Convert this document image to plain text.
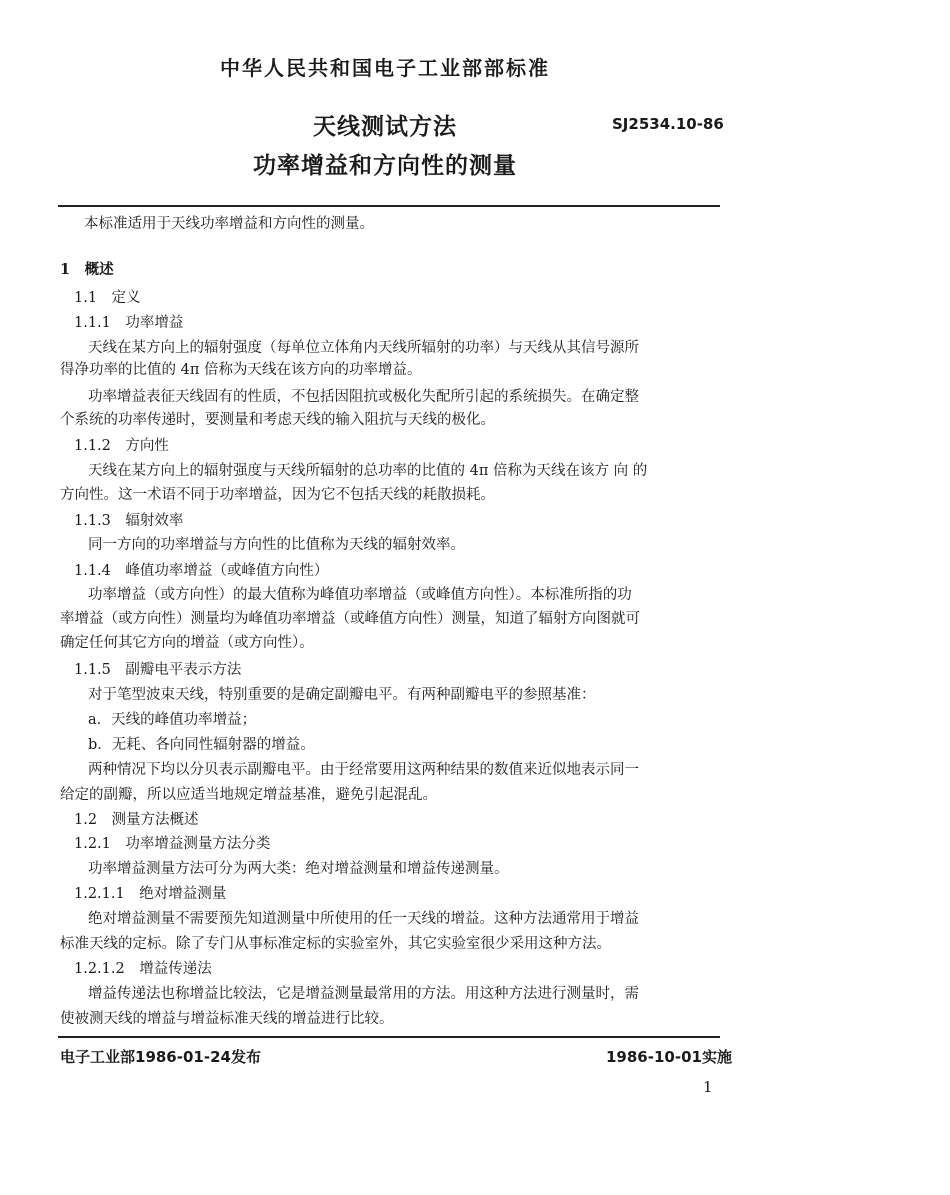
中华人民共和国电子工业部部标准
天线测试方法	SJ2534.10-86
功率增益和方向性的测量
本标准适用于天线功率增益和方向性的测量。
1　概述
1.1　定义
1.1.1　功率增益
天线在某方向上的辐射强度（每单位立体角内天线所辐射的功率）与天线从其信号源所
得净功率的比值的 4π 倍称为天线在该方向的功率增益。
功率增益表征天线固有的性质，不包括因阻抗或极化失配所引起的系统损失。在确定整
个系统的功率传递时，要测量和考虑天线的输入阻抗与天线的极化。
1.1.2　方向性
天线在某方向上的辐射强度与天线所辐射的总功率的比值的 4π 倍称为天线在该方 向 的
方向性。这一术语不同于功率增益，因为它不包括天线的耗散损耗。
1.1.3　辐射效率
同一方向的功率增益与方向性的比值称为天线的辐射效率。
1.1.4　峰值功率增益（或峰值方向性）
功率增益（或方向性）的最大值称为峰值功率增益（或峰值方向性）。本标准所指的功
率增益（或方向性）测量均为峰值功率增益（或峰值方向性）测量，知道了辐射方向图就可
确定任何其它方向的增益（或方向性）。
1.1.5　副瓣电平表示方法
对于笔型波束天线，特别重要的是确定副瓣电平。有两种副瓣电平的参照基准：
a．天线的峰值功率增益；
b．无耗、各向同性辐射器的增益。
两种情况下均以分贝表示副瓣电平。由于经常要用这两种结果的数值来近似地表示同一
给定的副瓣，所以应适当地规定增益基准，避免引起混乱。
1.2　测量方法概述
1.2.1　功率增益测量方法分类
功率增益测量方法可分为两大类：绝对增益测量和增益传递测量。
1.2.1.1　绝对增益测量
绝对增益测量不需要预先知道测量中所使用的任一天线的增益。这种方法通常用于增益
标准天线的定标。除了专门从事标准定标的实验室外，其它实验室很少采用这种方法。
1.2.1.2　增益传递法
增益传递法也称增益比较法，它是增益测量最常用的方法。用这种方法进行测量时，需
使被测天线的增益与增益标准天线的增益进行比较。
电子工业部1986-01-24发布	1986-10-01实施
1
